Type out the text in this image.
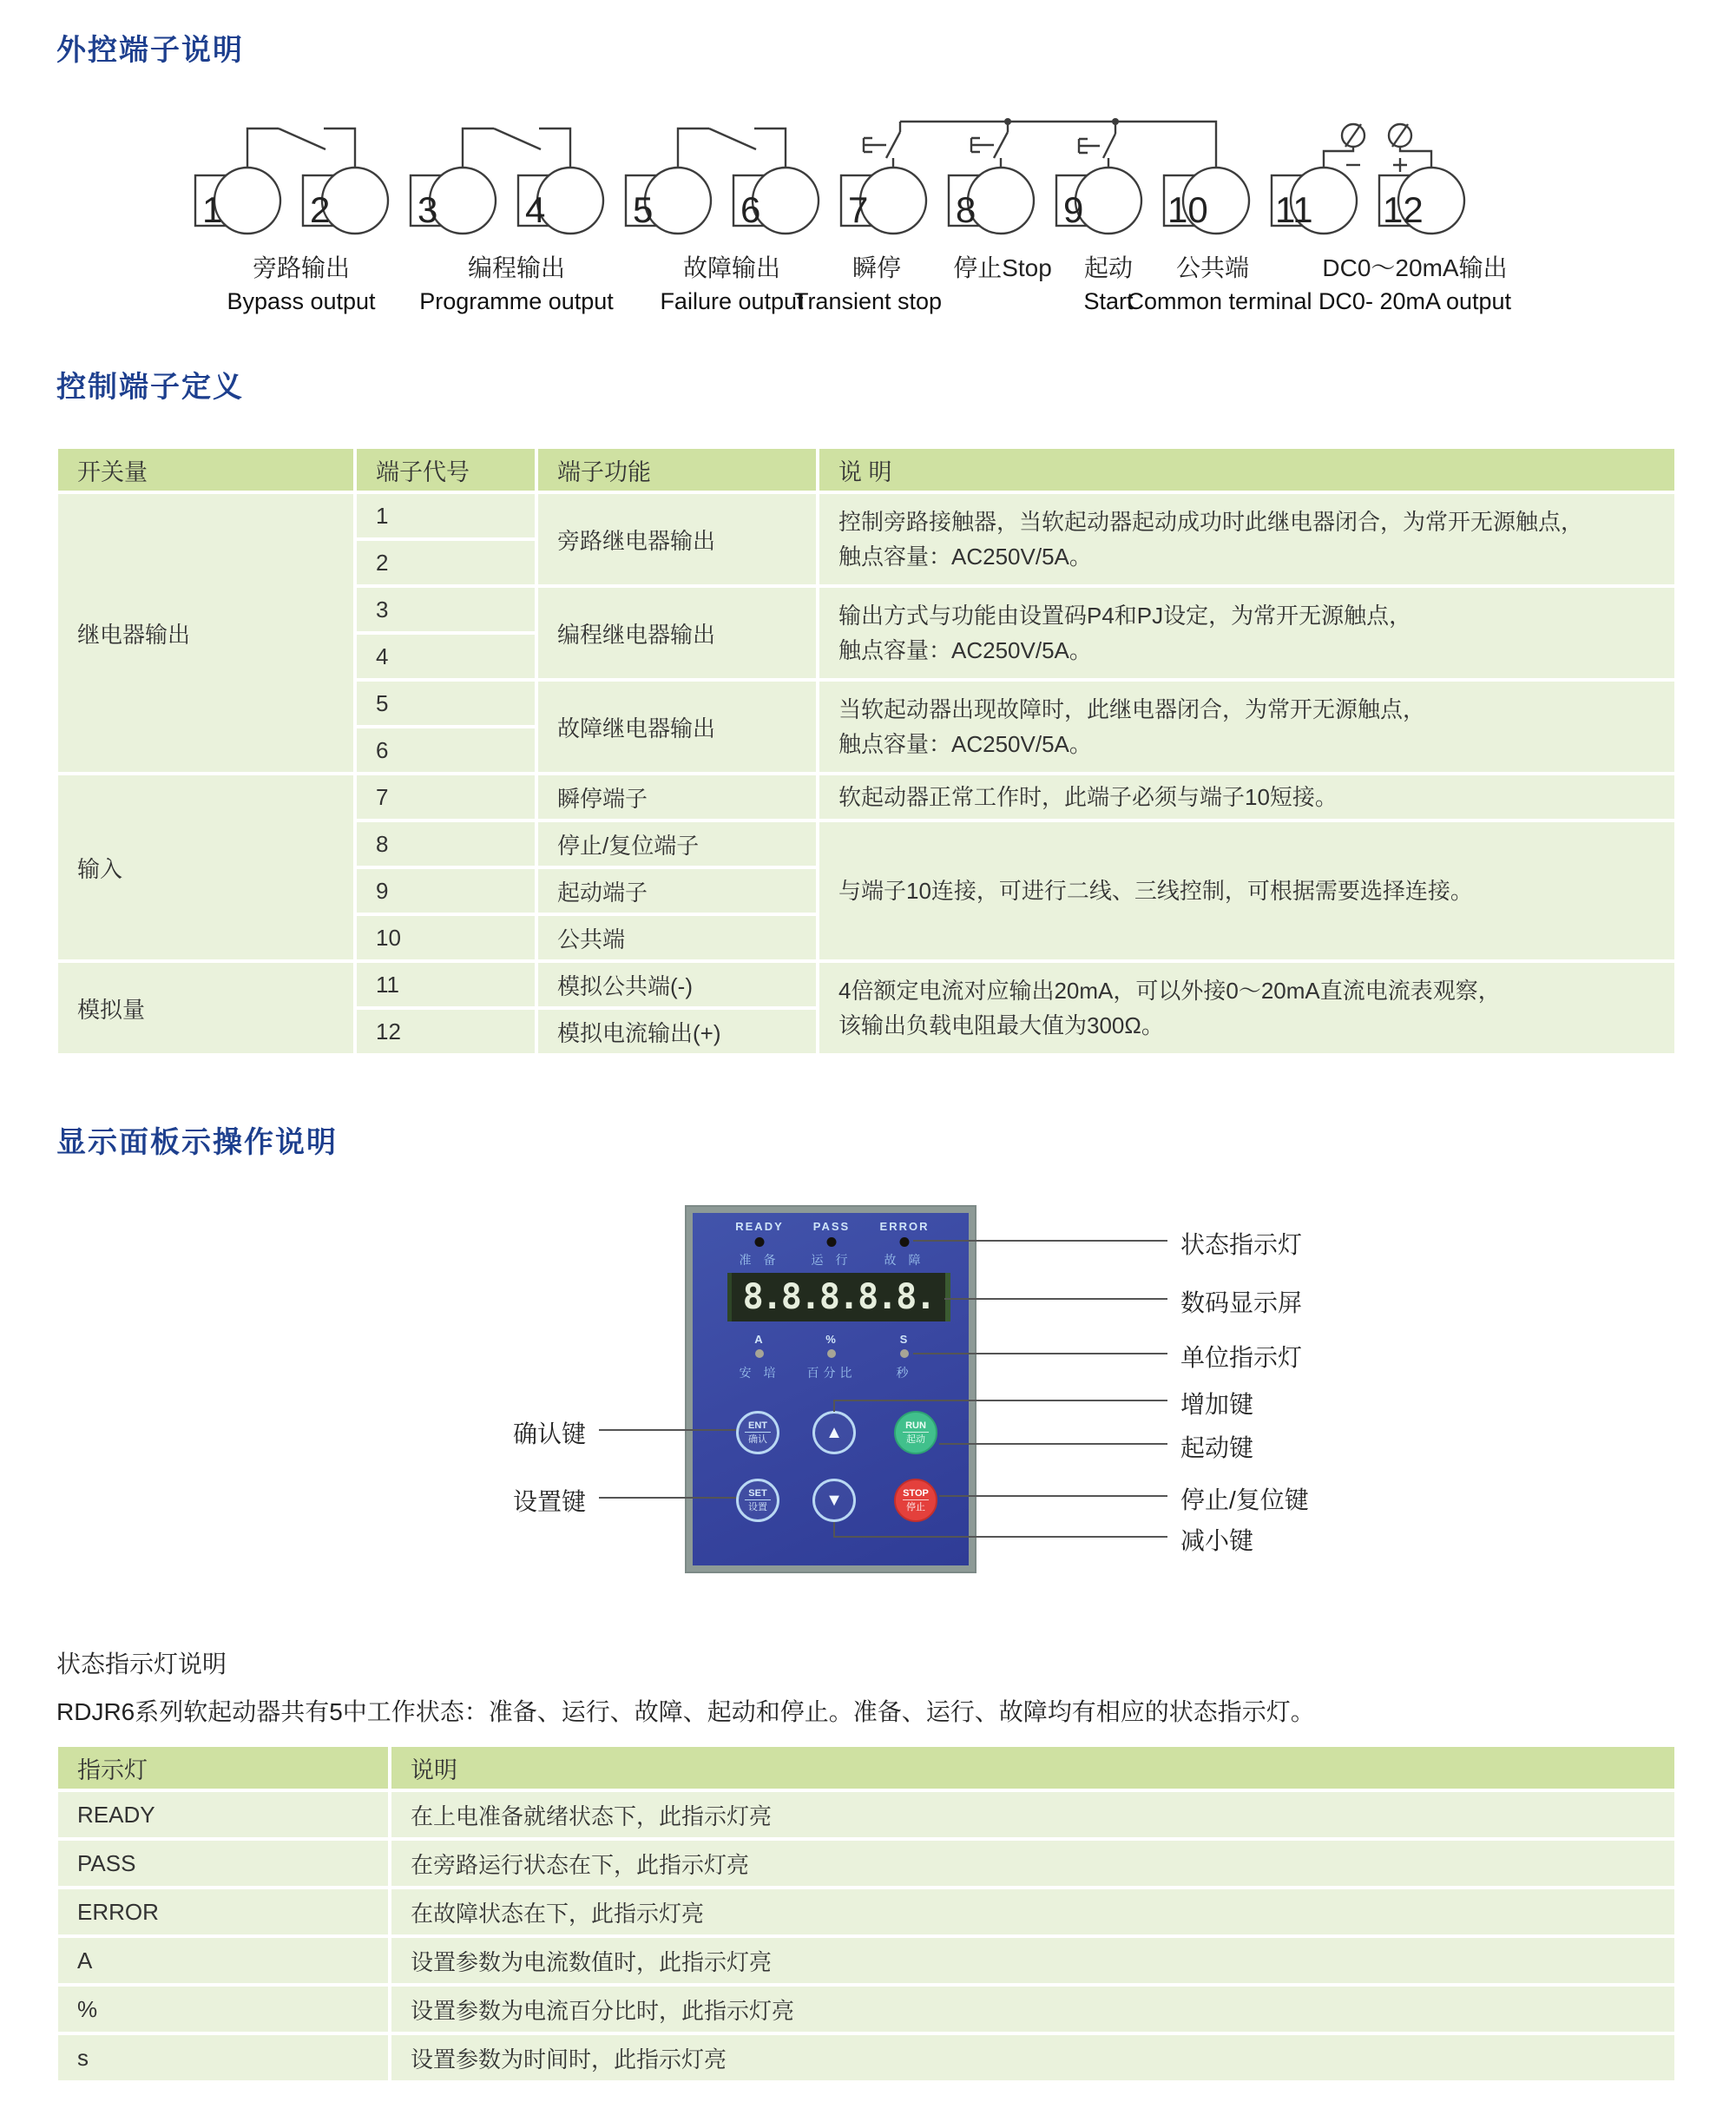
外控端子说明
1 2 3 4 5 6 7 8 9 10 11 12
旁路输出
Bypass output
编程输出
Programme output
故障输出
Failure output
瞬停
Transient stop
停止Stop 起动
Start
公共端
Common terminal
DC0～20mA输出
DC0- 20mA output
控制端子定义
开关量	端子代号	端子功能	说 明
继电器输出	1	旁路继电器输出	控制旁路接触器，当软起动器起动成功时此继电器闭合，为常开无源触点，
触点容量：AC250V/5A。

	2		
	3	编程继电器输出	输出方式与功能由设置码P4和PJ设定，为常开无源触点，
触点容量：AC250V/5A。

	4		
	5	故障继电器输出	当软起动器出现故障时，此继电器闭合，为常开无源触点，
触点容量：AC250V/5A。

	6		
输入	7	瞬停端子	软起动器正常工作时，此端子必须与端子10短接。

	8	停止/复位端子	与端子10连接，可进行二线、三线控制，可根据需要选择连接。

	9	起动端子	
	10	公共端	
模拟量	11	模拟公共端(-)	4倍额定电流对应输出20mA，可以外接0～20mA直流电流表观察，
该输出负载电阻最大值为300Ω。

	12	模拟电流输出(+)	
显示面板示操作说明
READY	PASS	ERROR
准 备	运 行	故 障
8.8.8.8.8.
A	%	S
安 培 百分比	秒
ENT
确认	▲	RUN
起动
SET
设置	▼	STOP
停止
状态指示灯
数码显示屏
单位指示灯
增加键
起动键
停止/复位键
减小键
确认键
设置键
状态指示灯说明
RDJR6系列软起动器共有5中工作状态：准备、运行、故障、起动和停止。准备、运行、故障均有相应的状态指示灯。
指示灯	说明
READY	在上电准备就绪状态下，此指示灯亮
PASS	在旁路运行状态在下，此指示灯亮
ERROR	在故障状态在下，此指示灯亮
A	设置参数为电流数值时，此指示灯亮
%	设置参数为电流百分比时，此指示灯亮
s	设置参数为时间时，此指示灯亮
